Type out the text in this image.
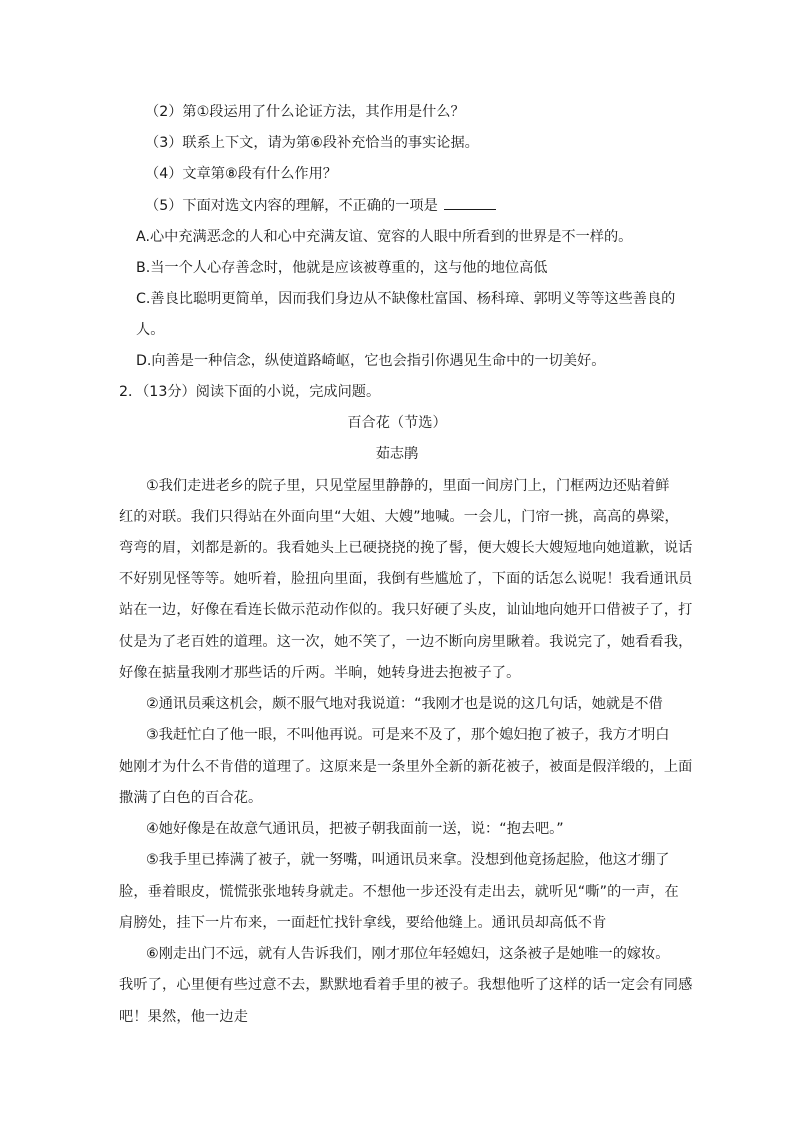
（2）第①段运用了什么论证方法，其作用是什么？
（3）联系上下文，请为第⑥段补充恰当的事实论据。
（4）文章第⑧段有什么作用？
（5）下面对选文内容的理解，不正确的一项是
A.心中充满恶念的人和心中充满友谊、宽容的人眼中所看到的世界是不一样的。
B.当一个人心存善念时，他就是应该被尊重的，这与他的地位高低
C.善良比聪明更简单，因而我们身边从不缺像杜富国、杨科璋、郭明义等等这些善良的
人。
D.向善是一种信念，纵使道路崎岖，它也会指引你遇见生命中的一切美好。
2．（13分）阅读下面的小说，完成问题。
百合花（节选）
茹志鹃
①我们走进老乡的院子里，只见堂屋里静静的，里面一间房门上，门框两边还贴着鲜
红的对联。我们只得站在外面向里“大姐、大嫂”地喊。一会儿，门帘一挑，高高的鼻梁，
弯弯的眉，刘都是新的。我看她头上已硬挠挠的挽了髻，便大嫂长大嫂短地向她道歉，说话
不好别见怪等等。她听着，脸扭向里面，我倒有些尴尬了，下面的话怎么说呢！我看通讯员
站在一边，好像在看连长做示范动作似的。我只好硬了头皮，讪讪地向她开口借被子了，打
仗是为了老百姓的道理。这一次，她不笑了，一边不断向房里瞅着。我说完了，她看看我，
好像在掂量我刚才那些话的斤两。半晌，她转身进去抱被子了。
②通讯员乘这机会，颇不服气地对我说道：“我刚才也是说的这几句话，她就是不借
③我赶忙白了他一眼，不叫他再说。可是来不及了，那个媳妇抱了被子，我方才明白
她刚才为什么不肯借的道理了。这原来是一条里外全新的新花被子，被面是假洋缎的，上面
撒满了白色的百合花。
④她好像是在故意气通讯员，把被子朝我面前一送，说：“抱去吧。”
⑤我手里已捧满了被子，就一努嘴，叫通讯员来拿。没想到他竟扬起脸，他这才绷了
脸，垂着眼皮，慌慌张张地转身就走。不想他一步还没有走出去，就听见“嘶”的一声，在
肩膀处，挂下一片布来，一面赶忙找针拿线，要给他缝上。通讯员却高低不肯
⑥刚走出门不远，就有人告诉我们，刚才那位年轻媳妇，这条被子是她唯一的嫁妆。
我听了，心里便有些过意不去，默默地看着手里的被子。我想他听了这样的话一定会有同感
吧！果然，他一边走
